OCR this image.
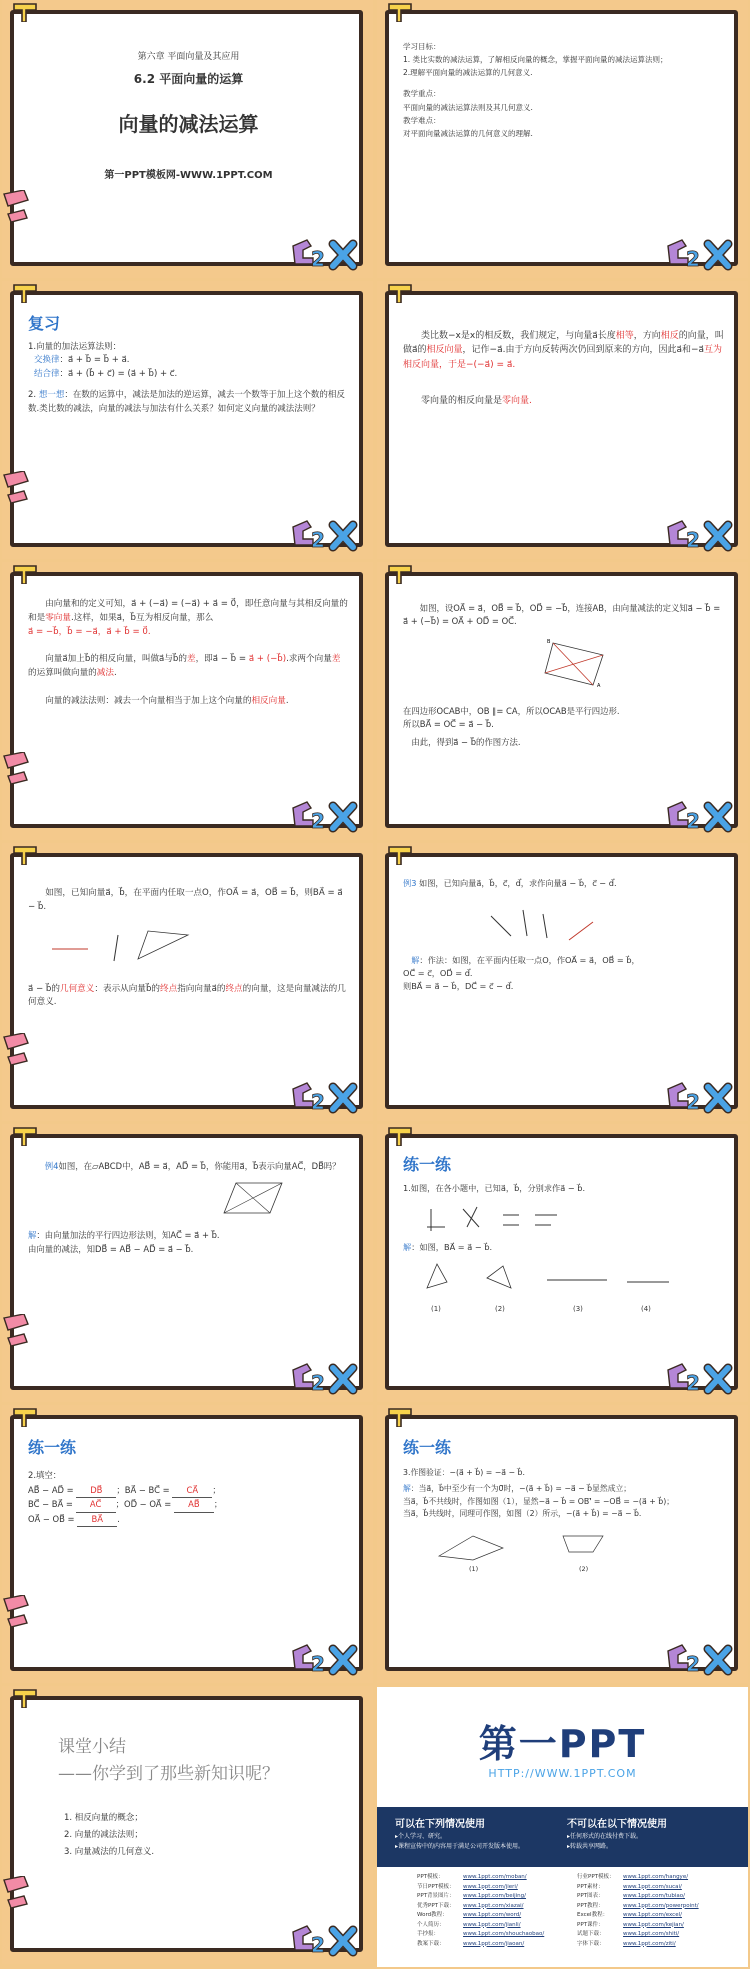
第六章 平面向量及其应用
6.2 平面向量的运算
向量的减法运算
第一PPT模板网-WWW.1PPT.COM
学习目标：
1. 类比实数的减法运算，了解相反向量的概念，掌握平面向量的减法运算法则；
2.理解平面向量的减法运算的几何意义.
教学重点：
平面向量的减法运算法则及其几何意义.
教学难点：
对平面向量减法运算的几何意义的理解.
复习
1.向量的加法运算法则：
交换律：a⃗ + b⃗ = b⃗ + a⃗.
结合律：a⃗ + (b⃗ + c⃗) = (a⃗ + b⃗) + c⃗.
2. 想一想：在数的运算中，减法是加法的逆运算，减去一个数等于加上这个数的相反数.类比数的减法，向量的减法与加法有什么关系？如何定义向量的减法法则？

类比数−x是x的相反数，我们规定，与向量a⃗长度相等，方向相反的向量，叫做a⃗的相反向量，记作−a⃗.由于方向反转两次仍回到原来的方向，因此a⃗和−a⃗互为相反向量，于是−(−a⃗) = a⃗.

零向量的相反向量是零向量.

由向量和的定义可知，a⃗ + (−a⃗) = (−a⃗) + a⃗ = 0⃗，即任意向量与其相反向量的和是零向量.这样，如果a⃗，b⃗互为相反向量，那么
a⃗ = −b⃗，b⃗ = −a⃗，a⃗ + b⃗ = 0⃗.

向量a⃗加上b⃗的相反向量，叫做a⃗与b⃗的差，即a⃗ − b⃗ = a⃗ + (−b⃗).求两个向量差的运算叫做向量的减法.

向量的减法法则：减去一个向量相当于加上这个向量的相反向量.

如图，设OA⃗ = a⃗，OB⃗ = b⃗，OD⃗ = −b⃗，连接AB，由向量减法的定义知a⃗ − b⃗ = a⃗ + (−b⃗) = OA⃗ + OD⃗ = OC⃗.

B
A

在四边形OCAB中，OB ∥= CA，所以OCAB是平行四边形.

所以BA⃗ = OC⃗ = a⃗ − b⃗.

由此，得到a⃗ − b⃗的作图方法.

如图，已知向量a⃗，b⃗，在平面内任取一点O，作OA⃗ = a⃗，OB⃗ = b⃗，则BA⃗ = a⃗ − b⃗.

a⃗ − b⃗的几何意义：表示从向量b⃗的终点指向向量a⃗的终点的向量，这是向量减法的几何意义.

例3 如图，已知向量a⃗，b⃗，c⃗，d⃗，求作向量a⃗ − b⃗，c⃗ − d⃗.

解：作法：如图，在平面内任取一点O，作OA⃗ = a⃗，OB⃗ = b⃗，

OC⃗ = c⃗，OD⃗ = d⃗.

则BA⃗ = a⃗ − b⃗，DC⃗ = c⃗ − d⃗.

例4如图，在▱ABCD中，AB⃗ = a⃗，AD⃗ = b⃗，你能用a⃗，b⃗表示向量AC⃗，DB⃗吗？

解：由向量加法的平行四边形法则，知AC⃗ = a⃗ + b⃗.

由向量的减法，知DB⃗ = AB⃗ − AD⃗ = a⃗ − b⃗.

练一练

1.如图，在各小题中，已知a⃗，b⃗，分别求作a⃗ − b⃗.

解：如图，BA⃗ = a⃗ − b⃗.

(1)	(2)	(3)	(4)
练一练

2.填空：

AB⃗ − AD⃗ = DB⃗ ；BA⃗ − BC⃗ = CA⃗ ；
BC⃗ − BA⃗ = AC⃗ ；OD⃗ − OA⃗ = AB⃗ ；
OA⃗ − OB⃗ = BA⃗ .
练一练

3.作图验证：−(a⃗ + b⃗) = −a⃗ − b⃗.

解：当a⃗，b⃗中至少有一个为0⃗时，−(a⃗ + b⃗) = −a⃗ − b⃗显然成立；

当a⃗，b⃗不共线时，作图如图（1），显然−a⃗ − b⃗ = OB'⃗ = −OB⃗ = −(a⃗ + b⃗)；

当a⃗，b⃗共线时，同理可作图，如图（2）所示，−(a⃗ + b⃗) = −a⃗ − b⃗.

(1)	(2)
课堂小结
——你学到了那些新知识呢？
1. 相反向量的概念；
2. 向量的减法法则；
3. 向量减法的几何意义.
第一PPT
HTTP://WWW.1PPT.COM
可以在下列情况使用
▸个人学习、研究。
▸课程宣传中的内容用于满足公司开发版本使用。
不可以在以下情况使用
▸任何形式的在线付费下载。
▸转载共享网路。
PPT模板：	www.1ppt.com/moban/
节日PPT模板： www.1ppt.com/jieri/
PPT背景图片： www.1ppt.com/beijing/
优秀PPT下载： www.1ppt.com/xiazai/
Word教程：	www.1ppt.com/word/
个人简历：	www.1ppt.com/jianli/
手抄报：	www.1ppt.com/shouchaobao/
教案下载：	www.1ppt.com/jiaoan/
行业PPT模板： www.1ppt.com/hangye/
PPT素材：	www.1ppt.com/sucai/
PPT图表：	www.1ppt.com/tubiao/
PPT教程：	www.1ppt.com/powerpoint/
Excel教程：	www.1ppt.com/excel/
PPT课件：	www.1ppt.com/kejian/
试题下载：	www.1ppt.com/shiti/
字体下载：	www.1ppt.com/ziti/
